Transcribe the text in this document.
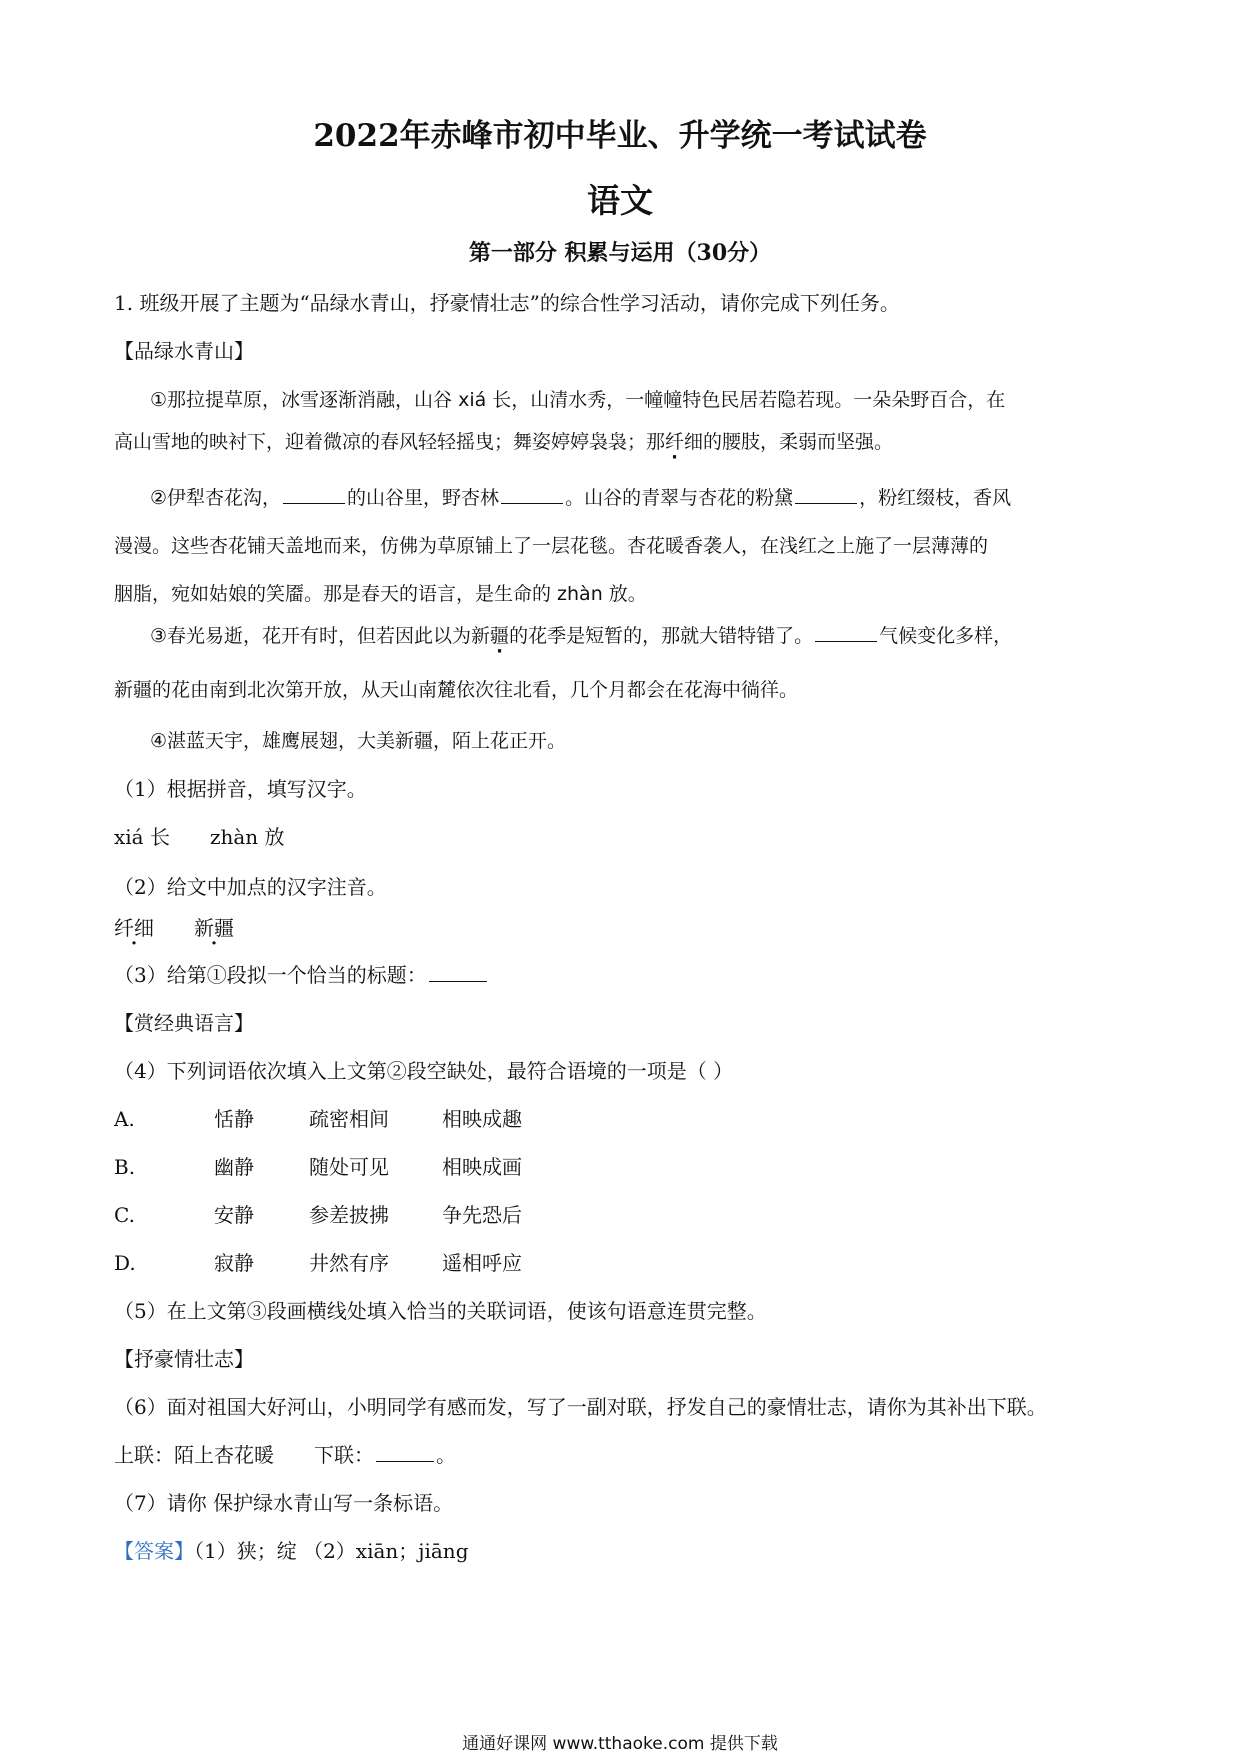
2022年赤峰市初中毕业、升学统一考试试卷
语文
第一部分 积累与运用（30分）
1. 班级开展了主题为“品绿水青山，抒豪情壮志”的综合性学习活动，请你完成下列任务。
【品绿水青山】
①那拉提草原，冰雪逐渐消融，山谷 xiá 长，山清水秀，一幢幢特色民居若隐若现。一朵朵野百合，在
高山雪地的映衬下，迎着微凉的春风轻轻摇曳；舞姿婷婷袅袅；那纤细的腰肢，柔弱而坚强。
②伊犁杏花沟，	的山谷里，野杏林	。山谷的青翠与杏花的粉黛	，粉红缀枝，香风
漫漫。这些杏花铺天盖地而来，仿佛为草原铺上了一层花毯。杏花暖香袭人，在浅红之上施了一层薄薄的
胭脂，宛如姑娘的笑靥。那是春天的语言，是生命的 zhàn 放。
③春光易逝，花开有时，但若因此以为新疆的花季是短暂的，那就大错特错了。	气候变化多样，
新疆的花由南到北次第开放，从天山南麓依次往北看，几个月都会在花海中徜徉。
④湛蓝天宇，雄鹰展翅，大美新疆，陌上花正开。
（1）根据拼音，填写汉字。
xiá 长 zhàn 放
（2）给文中加点的汉字注音。
纤细 新疆
（3）给第①段拟一个恰当的标题：
【赏经典语言】
（4）下列词语依次填入上文第②段空缺处，最符合语境的一项是（ ）
A.	恬静	疏密相间	相映成趣
B.	幽静	随处可见	相映成画
C.	安静	参差披拂	争先恐后
D.	寂静	井然有序	遥相呼应
（5）在上文第③段画横线处填入恰当的关联词语，使该句语意连贯完整。
【抒豪情壮志】
（6）面对祖国大好河山，小明同学有感而发，写了一副对联，抒发自己的豪情壮志，请你为其补出下联。
上联：陌上杏花暖 下联：	。
（7）请你 保护绿水青山写一条标语。
【答案】（1）狭；绽 （2）xiān；jiāng
通通好课网 www.tthaoke.com 提供下载
